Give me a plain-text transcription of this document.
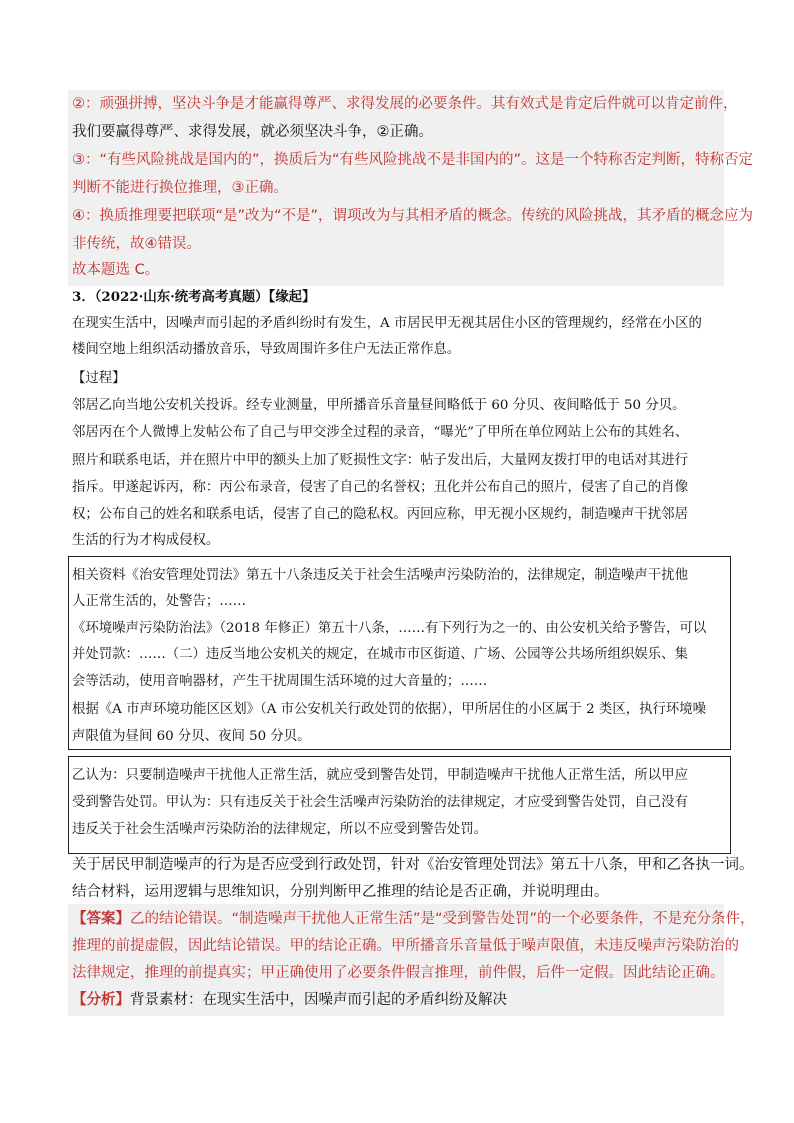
②：顽强拼搏，坚决斗争是才能赢得尊严、求得发展的必要条件。其有效式是肯定后件就可以肯定前件，
我们要赢得尊严、求得发展，就必须坚决斗争，②正确。
③：“有些风险挑战是国内的”，换质后为“有些风险挑战不是非国内的”。这是一个特称否定判断，特称否定
判断不能进行换位推理，③正确。
④：换质推理要把联项“是”改为“不是”，谓项改为与其相矛盾的概念。传统的风险挑战，其矛盾的概念应为
非传统，故④错误。
故本题选 C。
3．（2022·山东·统考高考真题）【缘起】
在现实生活中，因噪声而引起的矛盾纠纷时有发生，A 市居民甲无视其居住小区的管理规约，经常在小区的
楼间空地上组织活动播放音乐，导致周围许多住户无法正常作息。
【过程】
邻居乙向当地公安机关投诉。经专业测量，甲所播音乐音量昼间略低于 60 分贝、夜间略低于 50 分贝。
邻居丙在个人微博上发帖公布了自己与甲交涉全过程的录音，“曝光”了甲所在单位网站上公布的其姓名、
照片和联系电话，并在照片中甲的额头上加了贬损性文字：帖子发出后，大量网友拨打甲的电话对其进行
指斥。甲遂起诉丙，称：丙公布录音，侵害了自己的名誉权；丑化并公布自己的照片，侵害了自己的肖像
权；公布自己的姓名和联系电话，侵害了自己的隐私权。丙回应称，甲无视小区规约，制造噪声干扰邻居
生活的行为才构成侵权。
相关资料《治安管理处罚法》第五十八条违反关于社会生活噪声污染防治的，法律规定，制造噪声干扰他
人正常生活的，处警告；……
《环境噪声污染防治法》（2018 年修正）第五十八条，……有下列行为之一的、由公安机关给予警告，可以
并处罚款：……（二）违反当地公安机关的规定，在城市市区街道、广场、公园等公共场所组织娱乐、集
会等活动，使用音响器材，产生干扰周围生活环境的过大音量的；……
根据《A 市声环境功能区区划》（A 市公安机关行政处罚的依据），甲所居住的小区属于 2 类区，执行环境噪
声限值为昼间 60 分贝、夜间 50 分贝。
乙认为：只要制造噪声干扰他人正常生活，就应受到警告处罚，甲制造噪声干扰他人正常生活，所以甲应
受到警告处罚。甲认为：只有违反关于社会生活噪声污染防治的法律规定，才应受到警告处罚，自己没有
违反关于社会生活噪声污染防治的法律规定，所以不应受到警告处罚。
关于居民甲制造噪声的行为是否应受到行政处罚，针对《治安管理处罚法》第五十八条，甲和乙各执一词。
结合材料，运用逻辑与思维知识，分别判断甲乙推理的结论是否正确，并说明理由。
【答案】乙的结论错误。“制造噪声干扰他人正常生活”是“受到警告处罚”的一个必要条件，不是充分条件，
推理的前提虚假，因此结论错误。甲的结论正确。甲所播音乐音量低于噪声限值，未违反噪声污染防治的
法律规定，推理的前提真实；甲正确使用了必要条件假言推理，前件假，后件一定假。因此结论正确。
【分析】背景素材：在现实生活中，因噪声而引起的矛盾纠纷及解决
